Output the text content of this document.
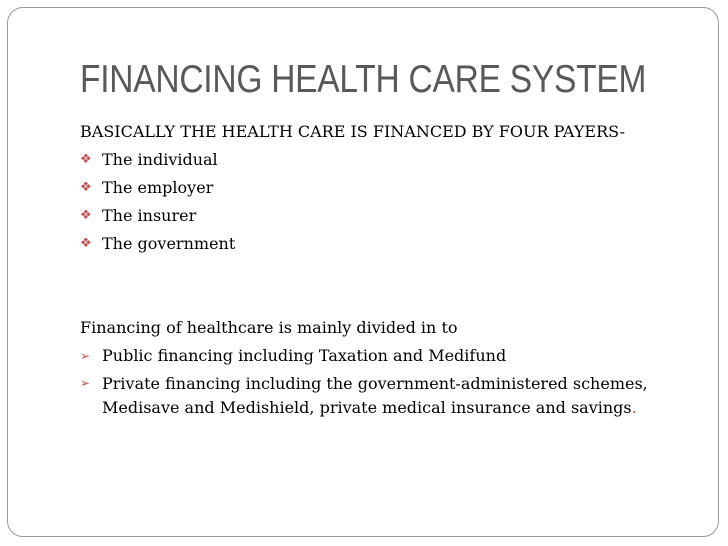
FINANCING HEALTH CARE SYSTEM

BASICALLY THE HEALTH CARE IS FINANCED BY FOUR PAYERS-

❖ The individual
❖ The employer
❖ The insurer
❖ The government

Financing of healthcare is mainly divided in to

➢ Public financing including Taxation and Medifund
➢ Private financing including the government-administered schemes,
Medisave and Medishield, private medical insurance and savings.
